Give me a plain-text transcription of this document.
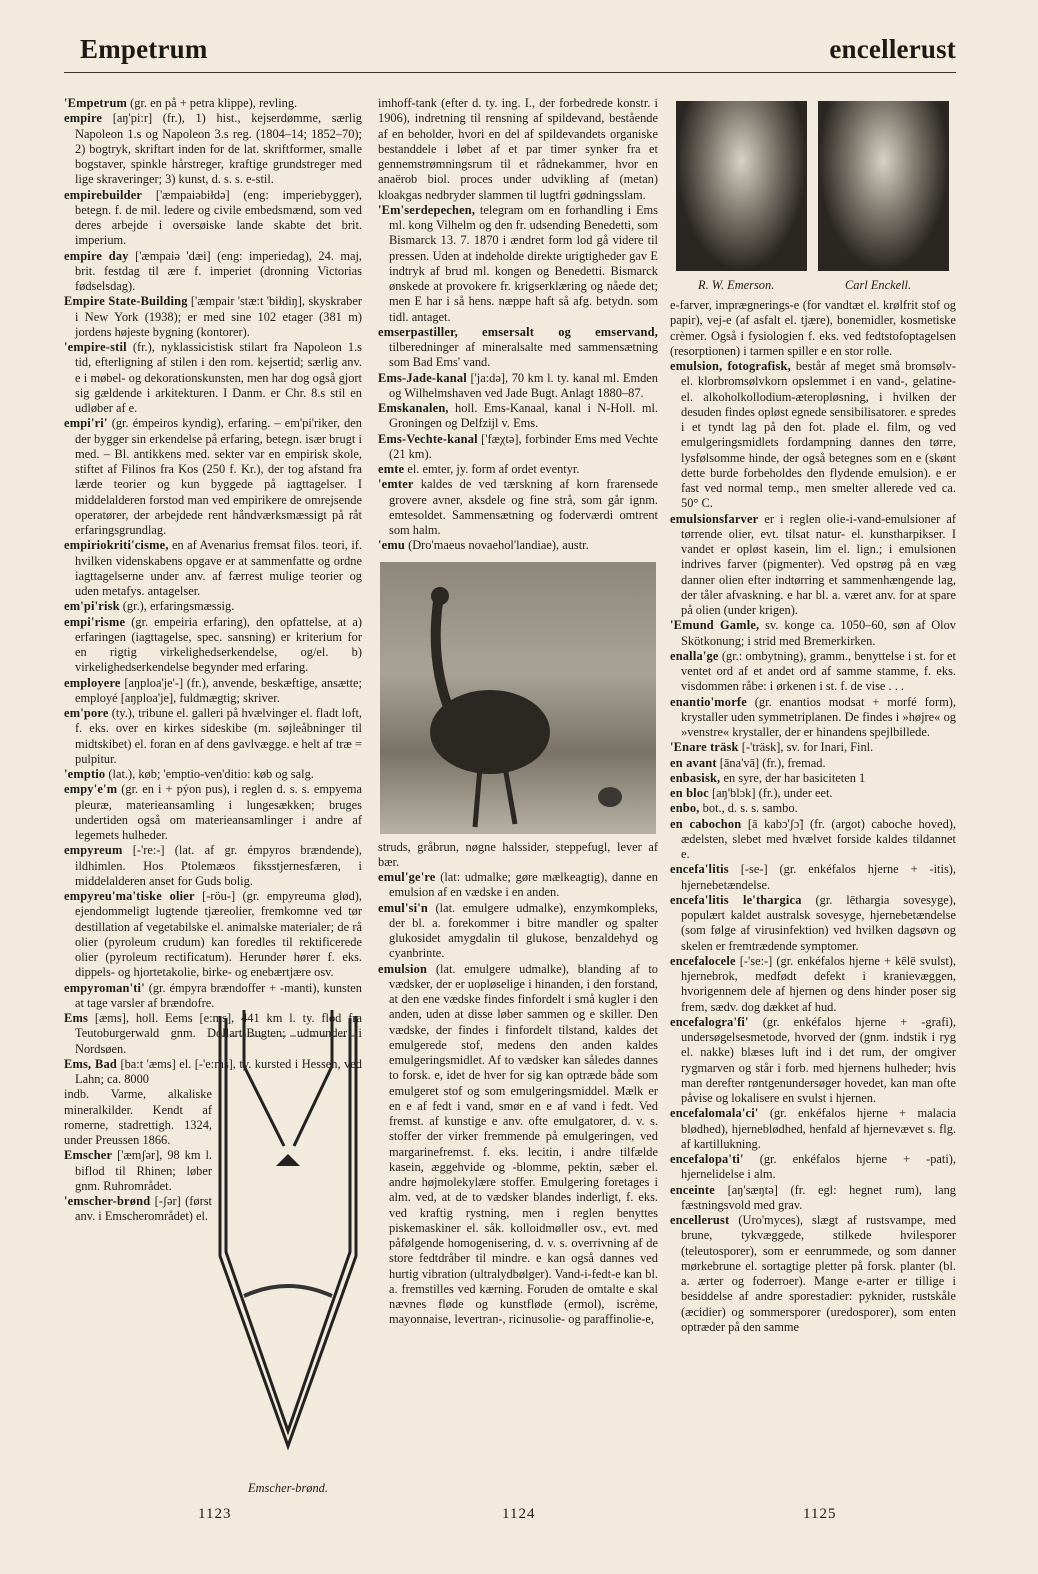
Empetrum	encellerust

'Empetrum (gr. en på + petra klippe), revling.

empire [aŋ'pi:r] (fr.), 1) hist., kejserdømme, særlig Napoleon 1.s og Napoleon 3.s reg. (1804–14; 1852–70); 2) bogtryk, skriftart inden for de lat. skriftformer, smalle bogstaver, spinkle hårstreger, kraftige grundstreger med lige skraveringer; 3) kunst, d. s. s. e-stil.

empirebuilder ['æmpaiəbiłdə] (eng: imperiebygger), betegn. f. de mil. ledere og civile embedsmænd, som ved deres arbejde i oversøiske lande skabte det brit. imperium.

empire day ['æmpaiə 'dæi] (eng: imperiedag), 24. maj, brit. festdag til ære f. imperiet (dronning Victorias fødselsdag).

Empire State-Building ['æmpair 'stæ:t 'biłdiŋ], skyskraber i New York (1938); er med sine 102 etager (381 m) jordens højeste bygning (kontorer).

'empire-stil (fr.), nyklassicistisk stilart fra Napoleon 1.s tid, efterligning af stilen i den rom. kejsertid; særlig anv. e i møbel- og dekorationskunsten, men har dog også gjort sig gældende i arkitekturen. I Danm. er Chr. 8.s stil en udløber af e.

empi'ri' (gr. émpeiros kyndig), erfaring. – em'pi'riker, den der bygger sin erkendelse på erfaring, betegn. især brugt i med. – Bl. antikkens med. sekter var en empirisk skole, stiftet af Filinos fra Kos (250 f. Kr.), der tog afstand fra lærde teorier og kun byggede på iagttagelser. I middelalderen forstod man ved empirikere de omrejsende operatører, der arbejdede rent håndværksmæssigt på råt erfaringsgrundlag.

empiriokriti'cisme, en af Avenarius fremsat filos. teori, if. hvilken videnskabens opgave er at sammenfatte og ordne iagttagelserne under anv. af færrest mulige teorier og uden metafys. antagelser.

em'pi'risk (gr.), erfaringsmæssig.

empi'risme (gr. empeiria erfaring), den opfattelse, at a) erfaringen (iagttagelse, spec. sansning) er kriterium for en rigtig virkelighedserkendelse, og/el. b) virkelighedserkendelse begynder med erfaring.

employere [aŋploa'je'-] (fr.), anvende, beskæftige, ansætte; employé [aŋploa'je], fuldmægtig; skriver.

em'pore (ty.), tribune el. galleri på hvælvinger el. fladt loft, f. eks. over en kirkes sideskibe (m. søjleåbninger til midtskibet) el. foran en af dens gavlvægge. e helt af træ = pulpitur.

'emptio (lat.), køb; 'emptio-ven'ditio: køb og salg.

empy'e'm (gr. en i + pýon pus), i reglen d. s. s. empyema pleuræ, materieansamling i lungesækken; bruges undertiden også om materieansamlinger i andre af legemets hulheder.

empyreum [-'re:-] (lat. af gr. émpyros brændende), ildhimlen. Hos Ptolemæos fiksstjernesfæren, i middelalderen anset for Guds bolig.

empyreu'ma'tiske olier [-röu-] (gr. empyreuma glød), ejendommeligt lugtende tjæreolier, fremkomne ved tør destillation af vegetabilske el. animalske materialer; de rå olier (pyroleum crudum) kan foredles til rektificerede olier (pyroleum rectificatum). Herunder hører f. eks. dippels- og hjortetakolie, birke- og enebærtjære osv.

empyroman'ti' (gr. émpyra brændoffer + -manti), kunsten at tage varsler af brændofre.

Ems [æms], holl. Eems [e:ms], 441 km l. ty. flod fra Teutoburgerwald gnm. Dollart-Bugten; udmunder i Nordsøen.

Ems, Bad [ba:t 'æms] el. [-'e:ms], ty. kursted i Hessen, ved Lahn; ca. 8000

indb. Varme, alkaliske mineralkilder. Kendt af romerne, stadrettigh. 1324, under Preussen 1866.

Emscher ['æmʃər], 98 km l. biflod til Rhinen; løber gnm. Ruhrområdet.

'emscher-brønd [-ʃər] (først anv. i Emscherområdet) el.

Emscher-brønd.

imhoff-tank (efter d. ty. ing. I., der forbedrede konstr. i 1906), indretning til rensning af spildevand, bestående af en beholder, hvori en del af spildevandets organiske bestanddele i løbet af et par timer synker fra et gennemstrømningsrum til et rådnekammer, hvor en anaërob biol. proces under udvikling af (metan) kloakgas nedbryder slammen til lugtfri gødningsslam.

'Em'serdepechen, telegram om en forhandling i Ems ml. kong Vilhelm og den fr. udsending Benedetti, som Bismarck 13. 7. 1870 i ændret form lod gå videre til pressen. Uden at indeholde direkte urigtigheder gav E indtryk af brud ml. kongen og Benedetti. Bismarck ønskede at provokere fr. krigserklæring og nåede det; men E har i så hens. næppe haft så afg. betydn. som tidl. antaget.

emserpastiller, emsersalt og emservand, tilberedninger af mineralsalte med sammensætning som Bad Ems' vand.

Ems-Jade-kanal ['ja:də], 70 km l. ty. kanal ml. Emden og Wilhelmshaven ved Jade Bugt. Anlagt 1880–87.

Emskanalen, holl. Ems-Kanaal, kanal i N-Holl. ml. Groningen og Delfzijl v. Ems.

Ems-Vechte-kanal ['fæχtə], forbinder Ems med Vechte (21 km).

emte el. emter, jy. form af ordet eventyr.

'emter kaldes de ved tærskning af korn frarensede grovere avner, aksdele og fine strå, som går ignm. emtesoldet. Sammensætning og foderværdi omtrent som halm.

'emu (Dro'maeus novaehol'landiae), austr.

struds, gråbrun, nøgne halssider, steppefugl, lever af bær.

emul'ge're (lat: udmalke; gøre mælkeagtig), danne en emulsion af en vædske i en anden.

emul'si'n (lat. emulgere udmalke), enzymkompleks, der bl. a. forekommer i bitre mandler og spalter glukosidet amygdalin til glukose, benzaldehyd og cyanbrinte.

emulsion (lat. emulgere udmalke), blanding af to vædsker, der er uopløselige i hinanden, i den forstand, at den ene vædske findes finfordelt i små kugler i den anden, uden at disse løber sammen og e skiller. Den vædske, der findes i finfordelt tilstand, kaldes det emulgerede stof, medens den anden kaldes emulgeringsmidlet. Af to vædsker kan således dannes to forsk. e, idet de hver for sig kan optræde både som emulgeret stof og som emulgeringsmiddel. Mælk er en e af fedt i vand, smør en e af vand i fedt. Ved fremst. af kunstige e anv. ofte emulgatorer, d. v. s. stoffer der virker fremmende på emulgeringen, ved margarinefremst. f. eks. lecitin, i andre tilfælde kasein, æggehvide og -blomme, pektin, sæber el. andre højmolekylære stoffer. Emulgering foretages i alm. ved, at de to vædsker blandes inderligt, f. eks. ved kraftig rystning, men i reglen benyttes piskemaskiner el. såk. kolloidmøller osv., evt. med påfølgende homogenisering, d. v. s. overrivning af de store fedtdråber til mindre. e kan også dannes ved hurtig vibration (ultralydbølger). Vand-i-fedt-e kan bl. a. fremstilles ved kærning. Foruden de omtalte e skal nævnes fløde og kunstfløde (ermol), iscrème, mayonnaise, levertran-, ricinusolie- og paraffinolie-e,

R. W. Emerson.	Carl Enckell.

e-farver, imprægnerings-e (for vandtæt el. krølfrit stof og papir), vej-e (af asfalt el. tjære), bonemidler, kosmetiske crèmer. Også i fysiologien f. eks. ved fedtstofoptagelsen (resorptionen) i tarmen spiller e en stor rolle.

emulsion, fotografisk, består af meget små bromsølv- el. klorbromsølvkorn opslemmet i en vand-, gelatine- el. alkoholkollodium-æteropløsning, i hvilken der desuden findes opløst egnede sensibilisatorer. e spredes i et tyndt lag på den fot. plade el. film, og ved emulgeringsmidlets fordampning dannes den tørre, lysfølsomme hinde, der også betegnes som en e (skønt dette burde forbeholdes den flydende emulsion). e er fast ved normal temp., men smelter allerede ved ca. 50° C.

emulsionsfarver er i reglen olie-i-vand-emulsioner af tørrende olier, evt. tilsat natur- el. kunstharpikser. I vandet er opløst kasein, lim el. lign.; i emulsionen indrives farver (pigmenter). Ved opstrøg på en væg danner olien efter indtørring et sammenhængende lag, der tåler afvaskning. e har bl. a. været anv. for at spare på olien (under krigen).

'Emund Gamle, sv. konge ca. 1050–60, søn af Olov Skötkonung; i strid med Bremerkirken.

enalla'ge (gr.: ombytning), gramm., benyttelse i st. for et ventet ord af et andet ord af samme stamme, f. eks. visdommen råbe: i ørkenen i st. f. de vise . . .

enantio'morfe (gr. enantios modsat + morfé form), krystaller uden symmetriplanen. De findes i »højre« og »venstre« krystaller, der er hinandens spejlbillede.

'Enare träsk [-'träsk], sv. for Inari, Finl.

en avant [āna'vā] (fr.), fremad.

enbasisk, en syre, der har basiciteten 1

en bloc [aŋ'blɔk] (fr.), under eet.

enbo, bot., d. s. s. sambo.

en cabochon [ā kabɔ'ʃɔ̃] (fr. (argot) caboche hoved), ædelsten, slebet med hvælvet forside kaldes tildannet e.

encefa'litis [-se-] (gr. enkéfalos hjerne + -itis), hjernebetændelse.

encefa'litis le'thargica (gr. lēthargia sovesyge), populært kaldet australsk sovesyge, hjernebetændelse (som følge af virusinfektion) ved hvilken dagsøvn og skelen er fremtrædende symptomer.

encefalocele [-'se:-] (gr. enkéfalos hjerne + kēlē svulst), hjernebrok, medfødt defekt i kranievæggen, hvorigennem dele af hjernen og dens hinder poser sig frem, sædv. dog dækket af hud.

encefalogra'fi' (gr. enkéfalos hjerne + -grafi), undersøgelsesmetode, hvorved der (gnm. indstik i ryg el. nakke) blæses luft ind i det rum, der omgiver rygmarven og står i forb. med hjernens hulheder; hvis man derefter røntgenundersøger hovedet, kan man ofte påvise og lokalisere en svulst i hjernen.

encefalomala'ci' (gr. enkéfalos hjerne + malacia blødhed), hjerneblødhed, henfald af hjernevævet s. flg. af kartillukning.

encefalopa'ti' (gr. enkéfalos hjerne + -pati), hjernelidelse i alm.

enceinte [aŋ'sæŋtə] (fr. egl: hegnet rum), lang fæstningsvold med grav.

encellerust (Uro'myces), slægt af rustsvampe, med brune, tykvæggede, stilkede hvilesporer (teleutosporer), som er eenrummede, og som danner mørkebrune el. sortagtige pletter på forsk. planter (bl. a. ærter og foderroer). Mange e-arter er tillige i besiddelse af andre sporestadier: pyknider, rustskåle (æcidier) og sommersporer (uredosporer), som enten optræder på den samme

1123	1124	1125
